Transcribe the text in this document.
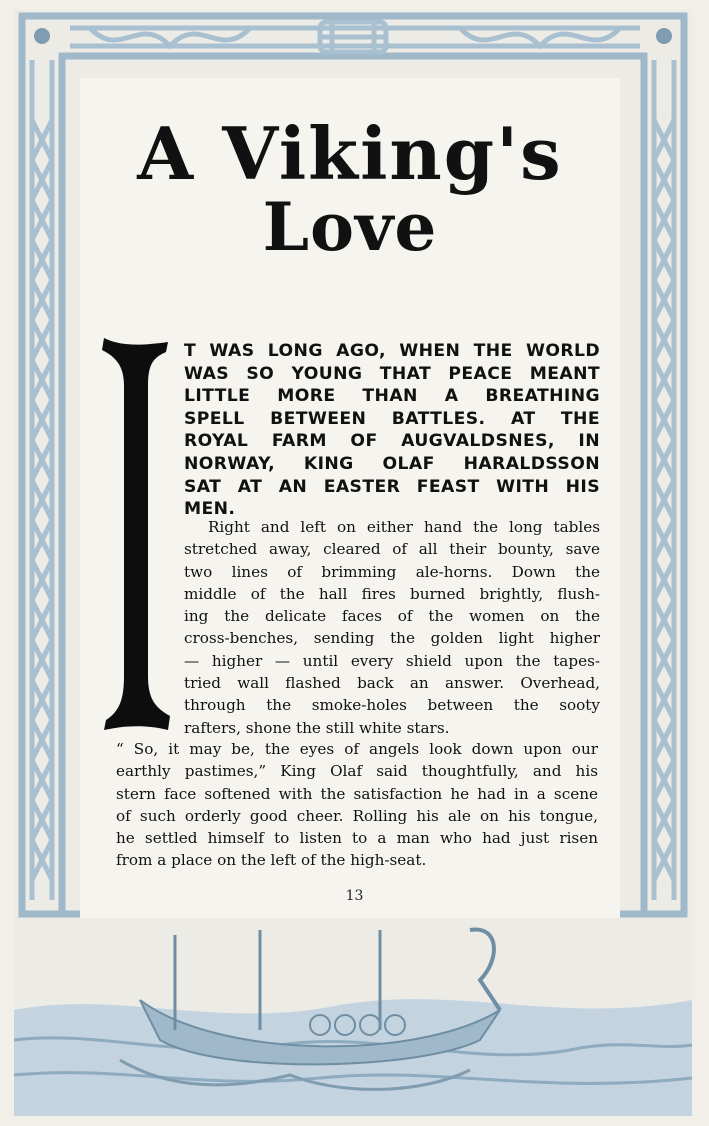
A Viking's
Love
T WAS LONG AGO, WHEN THE WORLD
WAS SO YOUNG THAT PEACE MEANT
LITTLE MORE THAN A BREATHING
SPELL BETWEEN BATTLES. AT THE
ROYAL FARM OF AUGVALDSNES, IN
NORWAY, KING OLAF HARALDSSON
SAT AT AN EASTER FEAST WITH HIS
MEN.
Right and left on either hand the long tables
stretched away, cleared of all their bounty, save
two lines of brimming ale-horns. Down the
middle of the hall fires burned brightly, flush-
ing the delicate faces of the women on the
cross-benches, sending the golden light higher
— higher — until every shield upon the tapes-
tried wall flashed back an answer. Overhead,
through the smoke-holes between the sooty
rafters, shone the still white stars.
“ So, it may be, the eyes of angels look down upon our
earthly pastimes,” King Olaf said thoughtfully, and his
stern face softened with the satisfaction he had in a scene
of such orderly good cheer. Rolling his ale on his tongue,
he settled himself to listen to a man who had just risen
from a place on the left of the high-seat.
13
